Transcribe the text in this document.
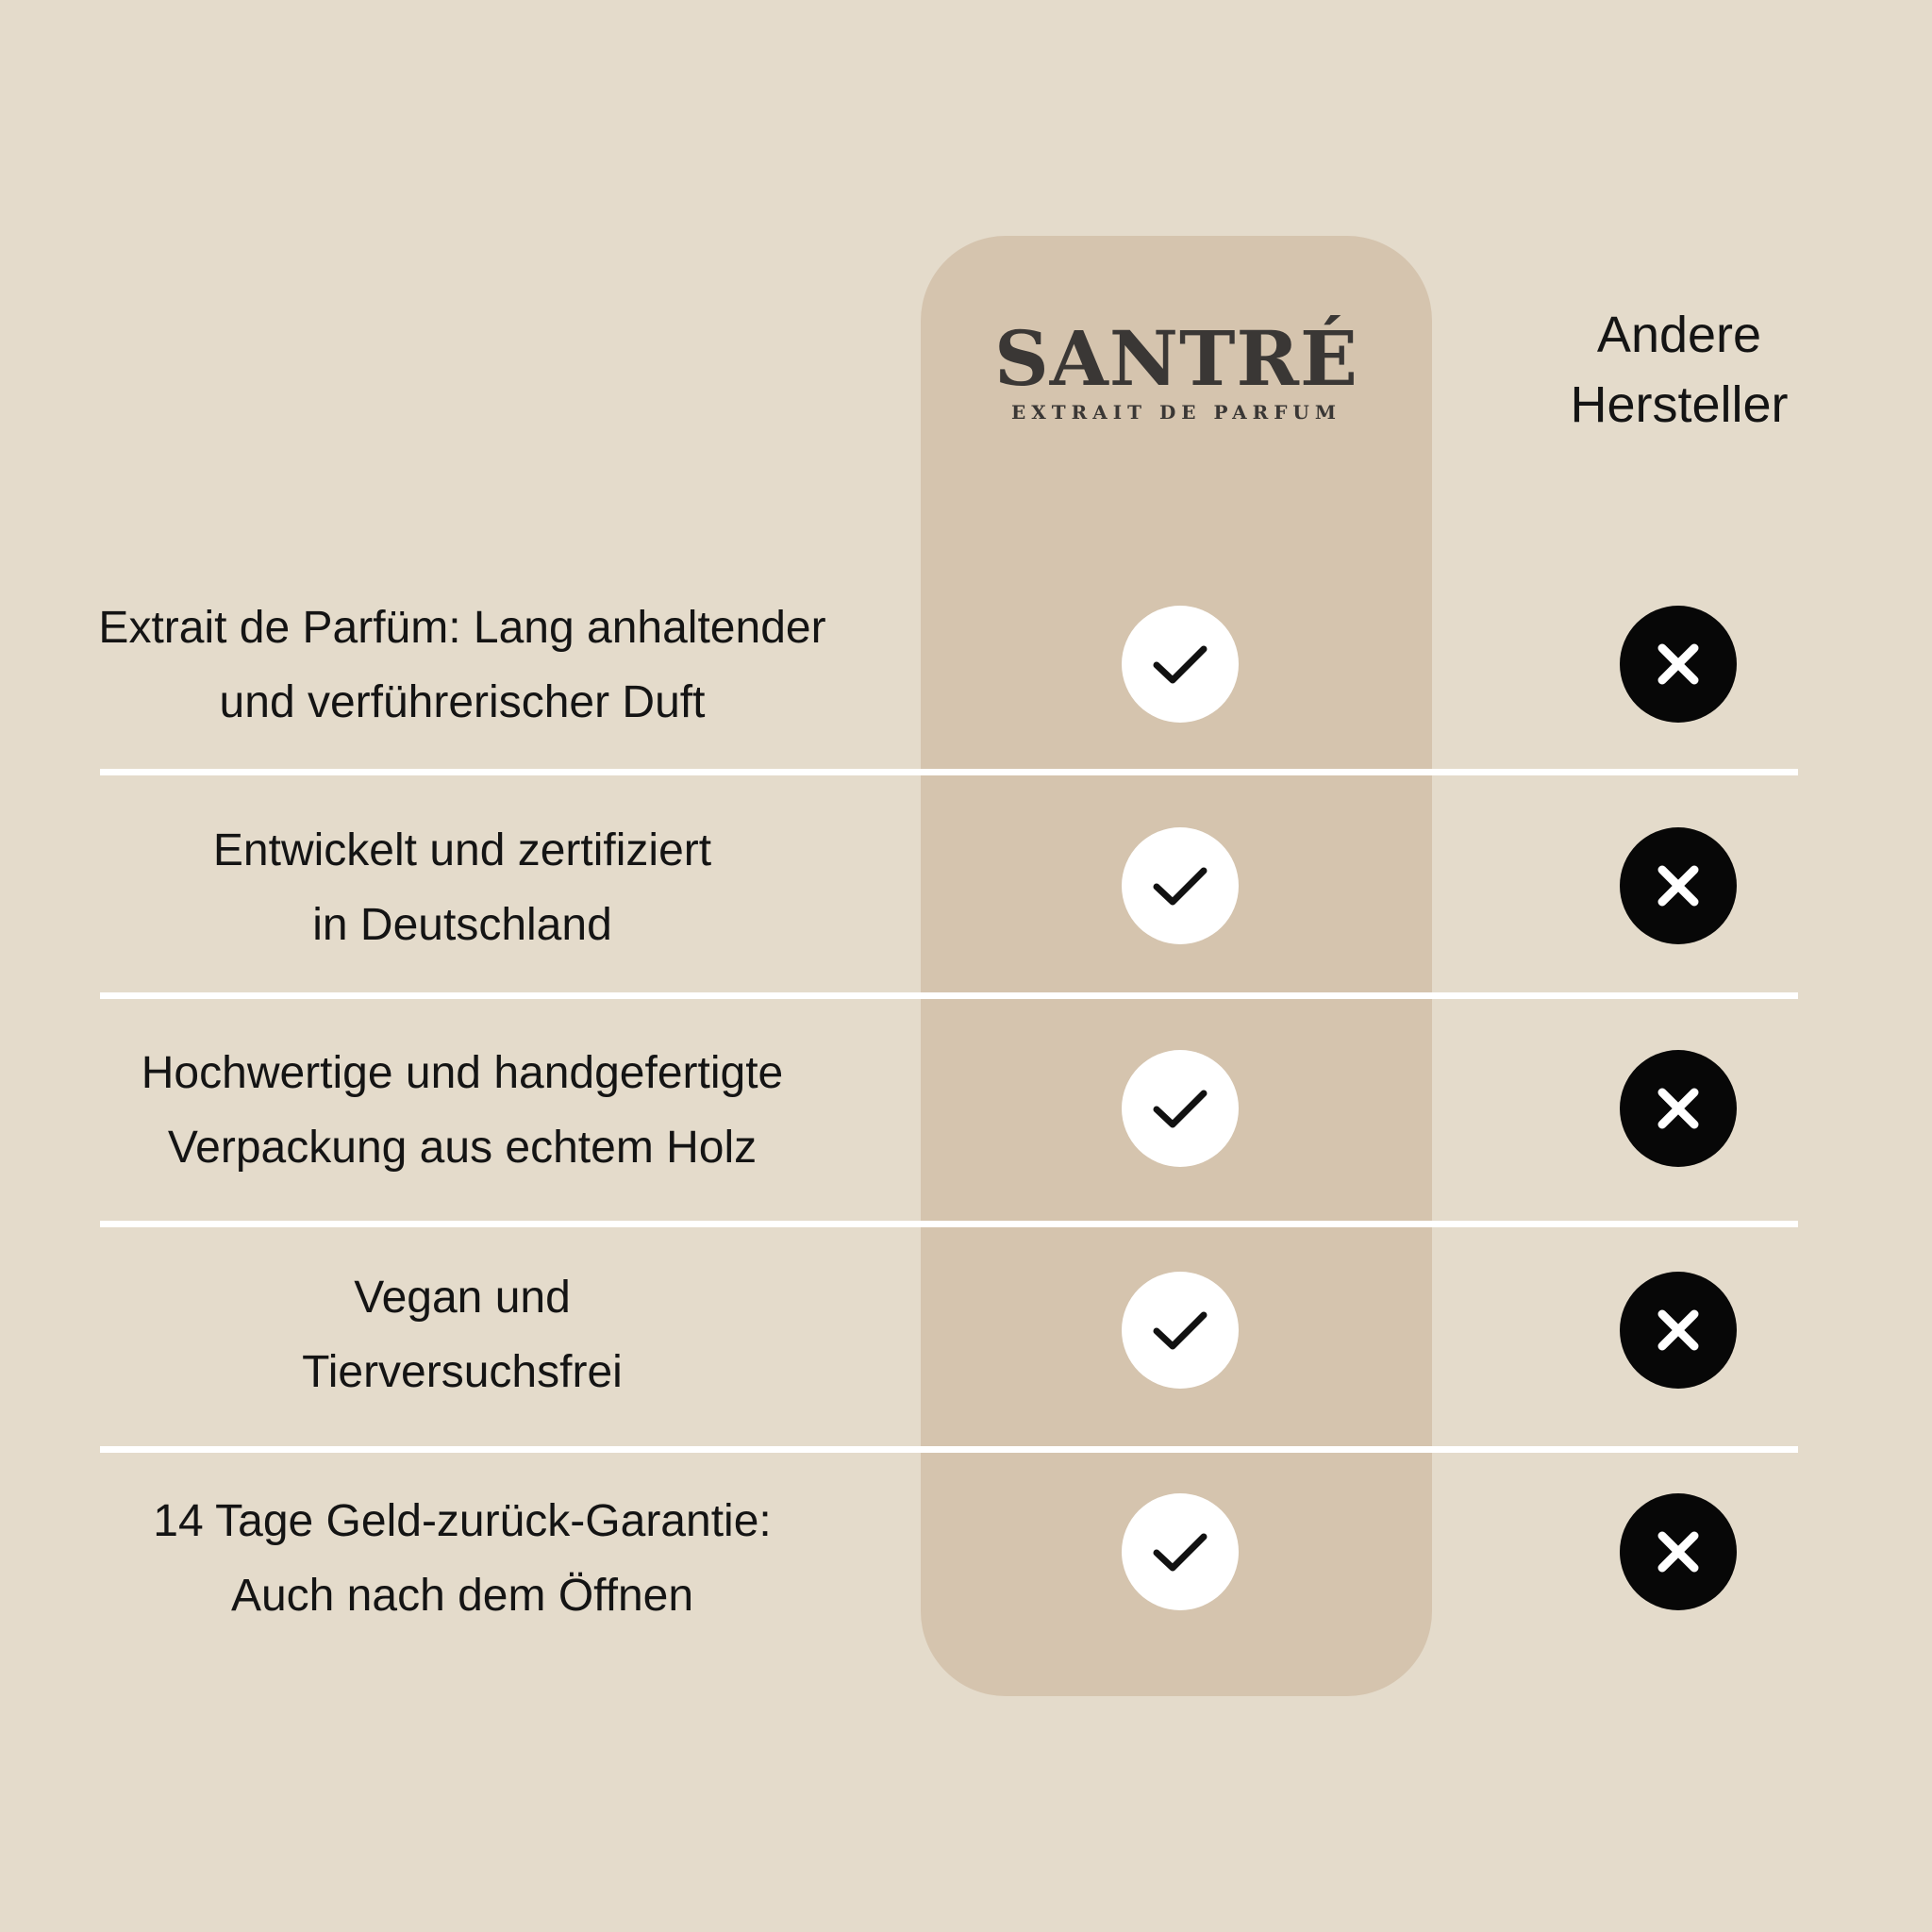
SANTRÉ
EXTRAIT DE PARFUM
Andere
Hersteller
Extrait de Parfüm: Lang anhaltender
und verführerischer Duft
Entwickelt und zertifiziert
in Deutschland
Hochwertige und handgefertigte
Verpackung aus echtem Holz
Vegan und
Tierversuchsfrei
14 Tage Geld-zurück-Garantie:
Auch nach dem Öffnen
